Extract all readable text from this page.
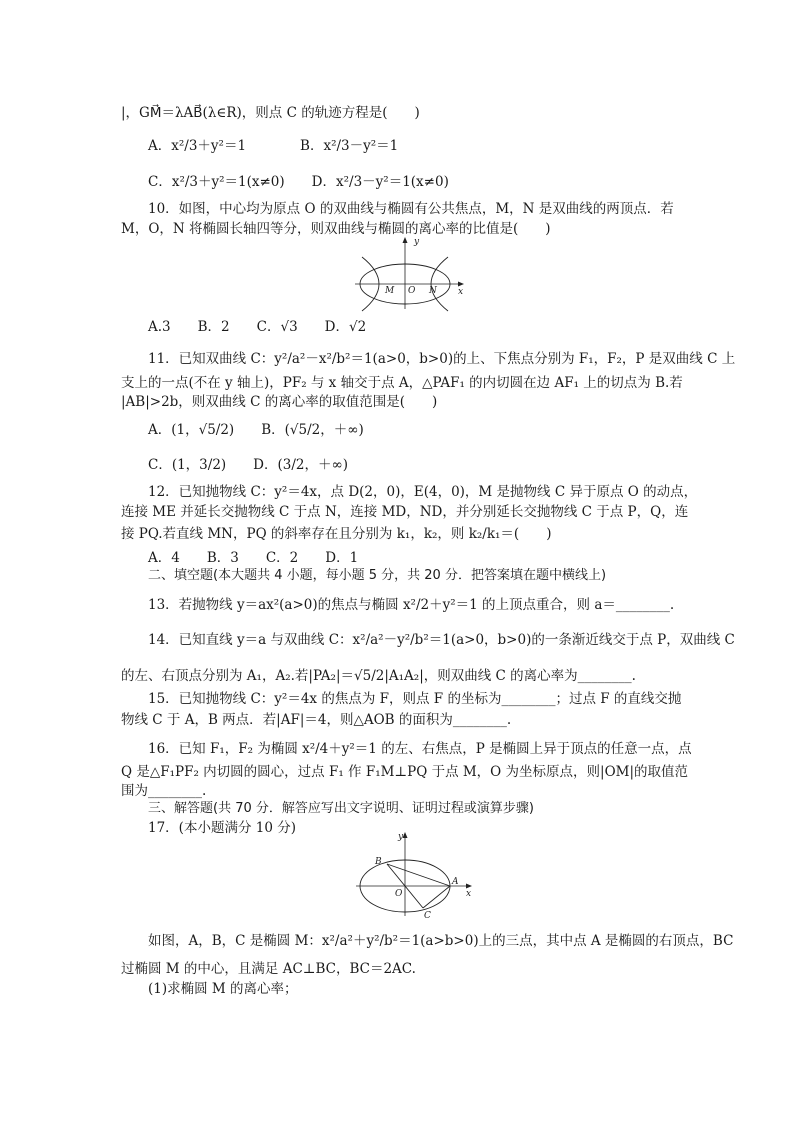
|，GM⃗＝λAB⃗(λ∈R)，则点 C 的轨迹方程是(　　)
A．x²/3＋y²＝1　　　　B．x²/3－y²＝1
C．x²/3＋y²＝1(x≠0)　　D．x²/3－y²＝1(x≠0)
10．如图，中心均为原点 O 的双曲线与椭圆有公共焦点，M，N 是双曲线的两顶点．若
M，O，N 将椭圆长轴四等分，则双曲线与椭圆的离心率的比值是(　　)
y
x
M O N
A.3　　B．2　　C．√3　　D．√2
11．已知双曲线 C：y²/a²－x²/b²＝1(a>0，b>0)的上、下焦点分别为 F₁，F₂，P 是双曲线 C 上
支上的一点(不在 y 轴上)，PF₂ 与 x 轴交于点 A，△PAF₁ 的内切圆在边 AF₁ 上的切点为 B.若
|AB|>2b，则双曲线 C 的离心率的取值范围是(　　)
A．(1，√5/2)　　B．(√5/2，＋∞)
C．(1，3/2)　　D．(3/2，＋∞)
12．已知抛物线 C：y²＝4x，点 D(2，0)，E(4，0)，M 是抛物线 C 异于原点 O 的动点，
连接 ME 并延长交抛物线 C 于点 N，连接 MD，ND，并分别延长交抛物线 C 于点 P，Q，连
接 PQ.若直线 MN，PQ 的斜率存在且分别为 k₁，k₂，则 k₂/k₁＝(　　)
A．4　　B．3　　C．2　　D．1
二、填空题(本大题共 4 小题，每小题 5 分，共 20 分．把答案填在题中横线上)
13．若抛物线 y＝ax²(a>0)的焦点与椭圆 x²/2＋y²＝1 的上顶点重合，则 a＝________.
14．已知直线 y＝a 与双曲线 C：x²/a²－y²/b²＝1(a>0，b>0)的一条渐近线交于点 P，双曲线 C
的左、右顶点分别为 A₁，A₂.若|PA₂|＝√5/2|A₁A₂|，则双曲线 C 的离心率为________.
15．已知抛物线 C：y²＝4x 的焦点为 F，则点 F 的坐标为________；过点 F 的直线交抛
物线 C 于 A，B 两点．若|AF|＝4，则△AOB 的面积为________.
16．已知 F₁，F₂ 为椭圆 x²/4＋y²＝1 的左、右焦点，P 是椭圆上异于顶点的任意一点，点
Q 是△F₁PF₂ 内切圆的圆心，过点 F₁ 作 F₁M⊥PQ 于点 M，O 为坐标原点，则|OM|的取值范
围为________.
三、解答题(共 70 分．解答应写出文字说明、证明过程或演算步骤)
17．(本小题满分 10 分)
y
x
B
A
C
O
如图，A，B，C 是椭圆 M：x²/a²＋y²/b²＝1(a>b>0)上的三点，其中点 A 是椭圆的右顶点，BC
过椭圆 M 的中心，且满足 AC⊥BC，BC＝2AC.
(1)求椭圆 M 的离心率；
